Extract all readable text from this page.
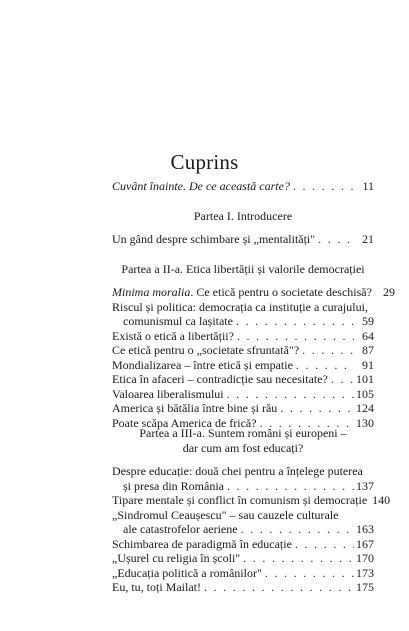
Cuprins
Cuvânt înainte. De ce această carte? . . .	11
Partea I. Introducere
Un gând despre schimbare și „mentalități" . . .	21
Partea a II-a. Etica libertății și valorile democrației
Minima moralia. Ce etică pentru o societate deschisă? 29
Riscul și politica: democrația ca instituție a curajului,
comunismul ca lașitate . . .	59
Există o etică a libertății? . . .	64
Ce etică pentru o „societate sfruntată"? . . .	87
Mondializarea – între etică și empatie . . .	91
Etica în afaceri – contradicție sau necesitate? . . . 101
Valoarea liberalismului . . .	105
America și bătălia între bine și rău . . .	124
Poate scăpa America de frică? . . .	130
Partea a III-a. Suntem români și europeni –
dar cum am fost educați?
Despre educație: două chei pentru a înțelege puterea
și presa din România . . .	137
Tipare mentale și conflict în comunism și democrație 140
„Sindromul Ceaușescu" – sau cauzele culturale
ale catastrofelor aeriene . . .	163
Schimbarea de paradigmă în educație . . .	167
„Ușurel cu religia în școli" . . .	170
„Educația politică a românilor" . . .	173
Eu, tu, toți Mailat! . . .	175
